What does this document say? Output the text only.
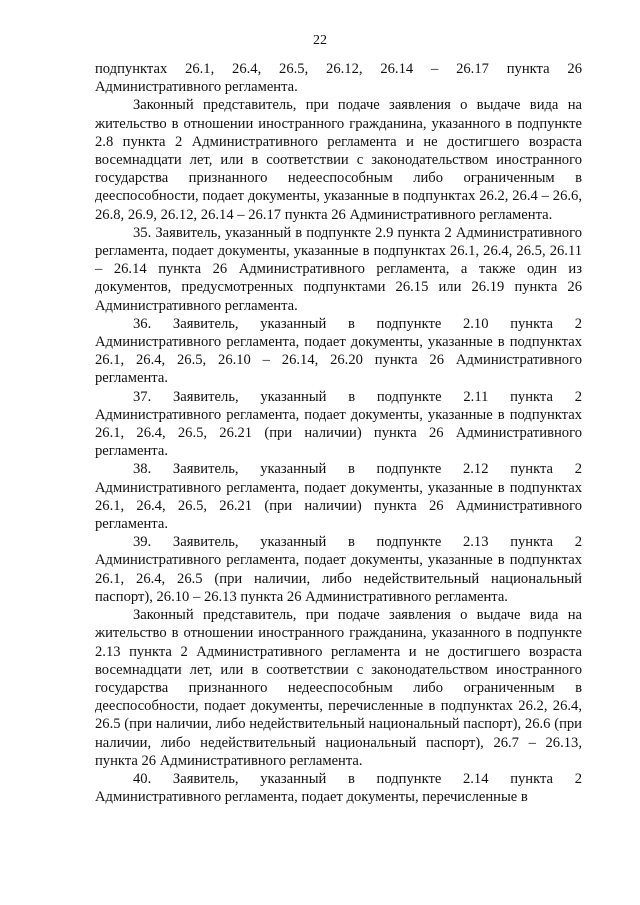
22

подпунктах 26.1, 26.4, 26.5, 26.12, 26.14 – 26.17 пункта 26 Административного регламента.

Законный представитель, при подаче заявления о выдаче вида на жительство в отношении иностранного гражданина, указанного в подпункте 2.8 пункта 2 Административного регламента и не достигшего возраста восемнадцати лет, или в соответствии с законодательством иностранного государства признанного недееспособным либо ограниченным в дееспособности, подает документы, указанные в подпунктах 26.2, 26.4 – 26.6, 26.8, 26.9, 26.12, 26.14 – 26.17 пункта 26 Административного регламента.

35. Заявитель, указанный в подпункте 2.9 пункта 2 Административного регламента, подает документы, указанные в подпунктах 26.1, 26.4, 26.5, 26.11 – 26.14 пункта 26 Административного регламента, а также один из документов, предусмотренных подпунктами 26.15 или 26.19 пункта 26 Административного регламента.

36. Заявитель, указанный в подпункте 2.10 пункта 2 Административного регламента, подает документы, указанные в подпунктах 26.1, 26.4, 26.5, 26.10 – 26.14, 26.20 пункта 26 Административного регламента.

37. Заявитель, указанный в подпункте 2.11 пункта 2 Административного регламента, подает документы, указанные в подпунктах 26.1, 26.4, 26.5, 26.21 (при наличии) пункта 26 Административного регламента.

38. Заявитель, указанный в подпункте 2.12 пункта 2 Административного регламента, подает документы, указанные в подпунктах 26.1, 26.4, 26.5, 26.21 (при наличии) пункта 26 Административного регламента.

39. Заявитель, указанный в подпункте 2.13 пункта 2 Административного регламента, подает документы, указанные в подпунктах 26.1, 26.4, 26.5 (при наличии, либо недействительный национальный паспорт), 26.10 – 26.13 пункта 26 Административного регламента.

Законный представитель, при подаче заявления о выдаче вида на жительство в отношении иностранного гражданина, указанного в подпункте 2.13 пункта 2 Административного регламента и не достигшего возраста восемнадцати лет, или в соответствии с законодательством иностранного государства признанного недееспособным либо ограниченным в дееспособности, подает документы, перечисленные в подпунктах 26.2, 26.4, 26.5 (при наличии, либо недействительный национальный паспорт), 26.6 (при наличии, либо недействительный национальный паспорт), 26.7 – 26.13, пункта 26 Административного регламента.

40. Заявитель, указанный в подпункте 2.14 пункта 2 Административного регламента, подает документы, перечисленные в
